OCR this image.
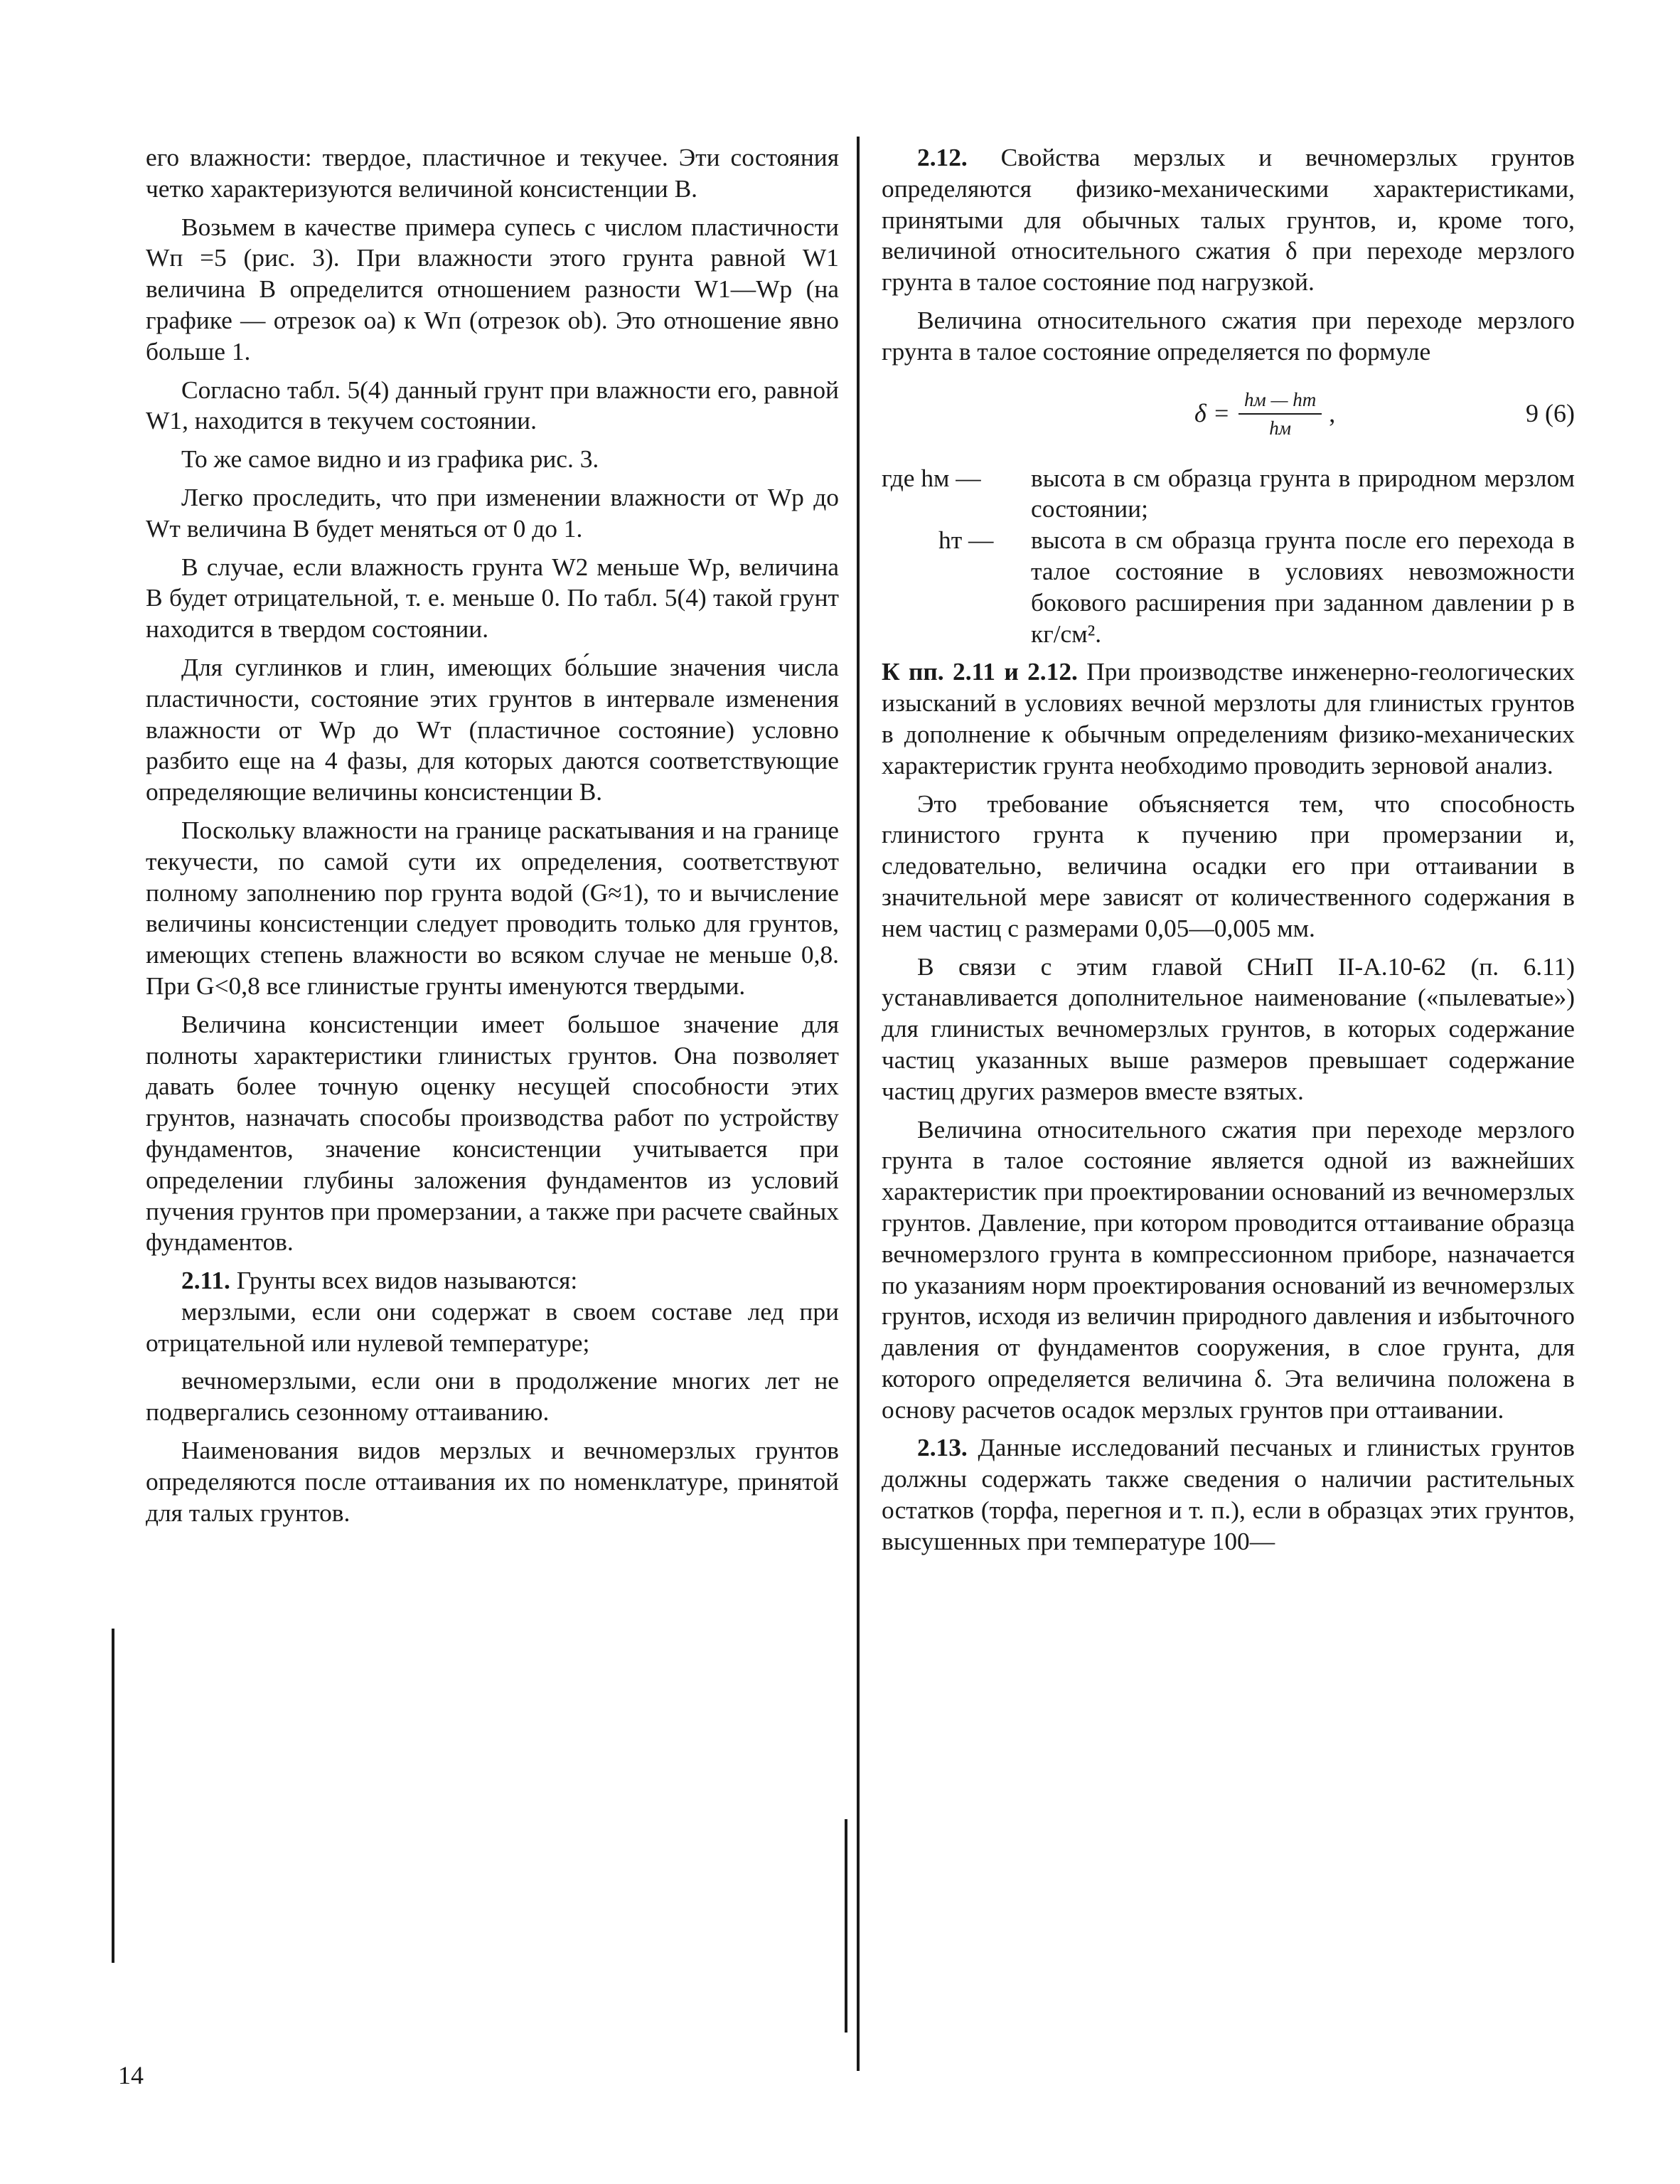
его влажности: твердое, пластичное и текучее. Эти состояния четко характеризуются величиной консистенции B.

Возьмем в качестве примера супесь с числом пластичности Wп =5 (рис. 3). При влажности этого грунта равной W1 величина B определится отношением разности W1—Wр (на графике — отрезок oa) к Wп (отрезок ob). Это отношение явно больше 1.

Согласно табл. 5(4) данный грунт при влажности его, равной W1, находится в текучем состоянии.

То же самое видно и из графика рис. 3.

Легко проследить, что при изменении влажности от Wр до Wт величина B будет меняться от 0 до 1.

В случае, если влажность грунта W2 меньше Wр, величина B будет отрицательной, т. е. меньше 0. По табл. 5(4) такой грунт находится в твердом состоянии.

Для суглинков и глин, имеющих бо́льшие значения числа пластичности, состояние этих грунтов в интервале изменения влажности от Wр до Wт (пластичное состояние) условно разбито еще на 4 фазы, для которых даются соответствующие определяющие величины консистенции B.

Поскольку влажности на границе раскатывания и на границе текучести, по самой сути их определения, соответствуют полному заполнению пор грунта водой (G≈1), то и вычисление величины консистенции следует проводить только для грунтов, имеющих степень влажности во всяком случае не меньше 0,8. При G<0,8 все глинистые грунты именуются твердыми.

Величина консистенции имеет большое значение для полноты характеристики глинистых грунтов. Она позволяет давать более точную оценку несущей способности этих грунтов, назначать способы производства работ по устройству фундаментов, значение консистенции учитывается при определении глубины заложения фундаментов из условий пучения грунтов при промерзании, а также при расчете свайных фундаментов.

2.11. Грунты всех видов называются:

мерзлыми, если они содержат в своем составе лед при отрицательной или нулевой температуре;

вечномерзлыми, если они в продолжение многих лет не подвергались сезонному оттаиванию.

Наименования видов мерзлых и вечномерзлых грунтов определяются после оттаивания их по номенклатуре, принятой для талых грунтов.

2.12. Свойства мерзлых и вечномерзлых грунтов определяются физико-механическими характеристиками, принятыми для обычных талых грунтов, и, кроме того, величиной относительного сжатия δ при переходе мерзлого грунта в талое состояние под нагрузкой.

Величина относительного сжатия при переходе мерзлого грунта в талое состояние определяется по формуле

$\delta = \frac{hм — hт}{hм}$ ,	9 (6)
где hм —	высота в см образца грунта в природном мерзлом состоянии;
hт —	высота в см образца грунта после его перехода в талое состояние в условиях невозможности бокового расширения при заданном давлении p в кг/см².

К пп. 2.11 и 2.12. При производстве инженерно-геологических изысканий в условиях вечной мерзлоты для глинистых грунтов в дополнение к обычным определениям физико-механических характеристик грунта необходимо проводить зерновой анализ.

Это требование объясняется тем, что способность глинистого грунта к пучению при промерзании и, следовательно, величина осадки его при оттаивании в значительной мере зависят от количественного содержания в нем частиц с размерами 0,05—0,005 мм.

В связи с этим главой СНиП II-А.10-62 (п. 6.11) устанавливается дополнительное наименование («пылеватые») для глинистых вечномерзлых грунтов, в которых содержание частиц указанных выше размеров превышает содержание частиц других размеров вместе взятых.

Величина относительного сжатия при переходе мерзлого грунта в талое состояние является одной из важнейших характеристик при проектировании оснований из вечномерзлых грунтов. Давление, при котором проводится оттаивание образца вечномерзлого грунта в компрессионном приборе, назначается по указаниям норм проектирования оснований из вечномерзлых грунтов, исходя из величин природного давления и избыточного давления от фундаментов сооружения, в слое грунта, для которого определяется величина δ. Эта величина положена в основу расчетов осадок мерзлых грунтов при оттаивании.

2.13. Данные исследований песчаных и глинистых грунтов должны содержать также сведения о наличии растительных остатков (торфа, перегноя и т. п.), если в образцах этих грунтов, высушенных при температуре 100—

14
